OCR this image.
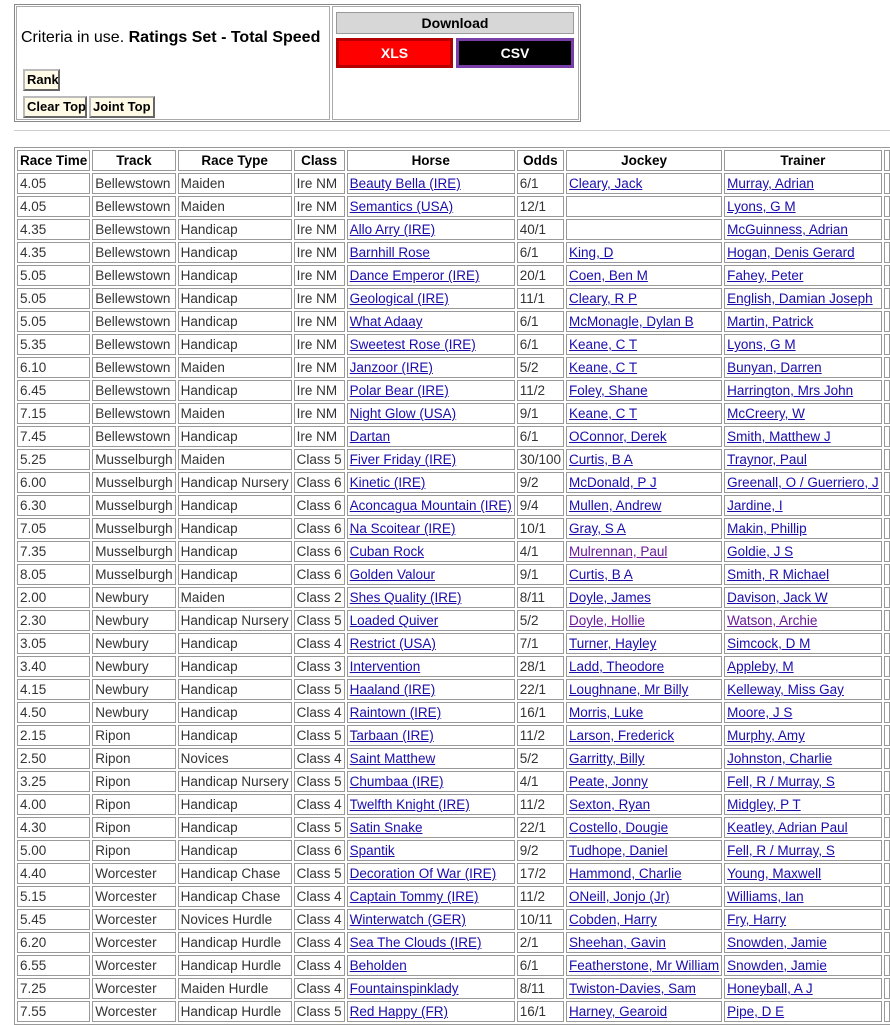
Criteria in use. Ratings Set - Total Speed
Rank
Clear Top Joint Top
Download
XLS	CSV
Race Time	Track	Race Type	Class	Horse	Odds	Jockey	Trainer	
4.05	Bellewstown	Maiden	Ire NM	Beauty Bella (IRE)	6/1	Cleary, Jack	Murray, Adrian	
4.05	Bellewstown	Maiden	Ire NM	Semantics (USA)	12/1		Lyons, G M	
4.35	Bellewstown	Handicap	Ire NM	Allo Arry (IRE)	40/1		McGuinness, Adrian	
4.35	Bellewstown	Handicap	Ire NM	Barnhill Rose	6/1	King, D	Hogan, Denis Gerard	
5.05	Bellewstown	Handicap	Ire NM	Dance Emperor (IRE)	20/1	Coen, Ben M	Fahey, Peter	
5.05	Bellewstown	Handicap	Ire NM	Geological (IRE)	11/1	Cleary, R P	English, Damian Joseph	
5.05	Bellewstown	Handicap	Ire NM	What Adaay	6/1	McMonagle, Dylan B	Martin, Patrick	
5.35	Bellewstown	Handicap	Ire NM	Sweetest Rose (IRE)	6/1	Keane, C T	Lyons, G M	
6.10	Bellewstown	Maiden	Ire NM	Janzoor (IRE)	5/2	Keane, C T	Bunyan, Darren	
6.45	Bellewstown	Handicap	Ire NM	Polar Bear (IRE)	11/2	Foley, Shane	Harrington, Mrs John	
7.15	Bellewstown	Maiden	Ire NM	Night Glow (USA)	9/1	Keane, C T	McCreery, W	
7.45	Bellewstown	Handicap	Ire NM	Dartan	6/1	OConnor, Derek	Smith, Matthew J	
5.25	Musselburgh	Maiden	Class 5	Fiver Friday (IRE)	30/100	Curtis, B A	Traynor, Paul	
6.00	Musselburgh	Handicap Nursery	Class 6	Kinetic (IRE)	9/2	McDonald, P J	Greenall, O / Guerriero, J	
6.30	Musselburgh	Handicap	Class 6	Aconcagua Mountain (IRE)	9/4	Mullen, Andrew	Jardine, I	
7.05	Musselburgh	Handicap	Class 6	Na Scoitear (IRE)	10/1	Gray, S A	Makin, Phillip	
7.35	Musselburgh	Handicap	Class 6	Cuban Rock	4/1	Mulrennan, Paul	Goldie, J S	
8.05	Musselburgh	Handicap	Class 6	Golden Valour	9/1	Curtis, B A	Smith, R Michael	
2.00	Newbury	Maiden	Class 2	Shes Quality (IRE)	8/11	Doyle, James	Davison, Jack W	
2.30	Newbury	Handicap Nursery	Class 5	Loaded Quiver	5/2	Doyle, Hollie	Watson, Archie	
3.05	Newbury	Handicap	Class 4	Restrict (USA)	7/1	Turner, Hayley	Simcock, D M	
3.40	Newbury	Handicap	Class 3	Intervention	28/1	Ladd, Theodore	Appleby, M	
4.15	Newbury	Handicap	Class 5	Haaland (IRE)	22/1	Loughnane, Mr Billy	Kelleway, Miss Gay	
4.50	Newbury	Handicap	Class 4	Raintown (IRE)	16/1	Morris, Luke	Moore, J S	
2.15	Ripon	Handicap	Class 5	Tarbaan (IRE)	11/2	Larson, Frederick	Murphy, Amy	
2.50	Ripon	Novices	Class 4	Saint Matthew	5/2	Garritty, Billy	Johnston, Charlie	
3.25	Ripon	Handicap Nursery	Class 5	Chumbaa (IRE)	4/1	Peate, Jonny	Fell, R / Murray, S	
4.00	Ripon	Handicap	Class 4	Twelfth Knight (IRE)	11/2	Sexton, Ryan	Midgley, P T	
4.30	Ripon	Handicap	Class 5	Satin Snake	22/1	Costello, Dougie	Keatley, Adrian Paul	
5.00	Ripon	Handicap	Class 6	Spantik	9/2	Tudhope, Daniel	Fell, R / Murray, S	
4.40	Worcester	Handicap Chase	Class 5	Decoration Of War (IRE)	17/2	Hammond, Charlie	Young, Maxwell	
5.15	Worcester	Handicap Chase	Class 4	Captain Tommy (IRE)	11/2	ONeill, Jonjo (Jr)	Williams, Ian	
5.45	Worcester	Novices Hurdle	Class 4	Winterwatch (GER)	10/11	Cobden, Harry	Fry, Harry	
6.20	Worcester	Handicap Hurdle	Class 4	Sea The Clouds (IRE)	2/1	Sheehan, Gavin	Snowden, Jamie	
6.55	Worcester	Handicap Hurdle	Class 4	Beholden	6/1	Featherstone, Mr William	Snowden, Jamie	
7.25	Worcester	Maiden Hurdle	Class 4	Fountainspinklady	8/11	Twiston-Davies, Sam	Honeyball, A J	
7.55	Worcester	Handicap Hurdle	Class 5	Red Happy (FR)	16/1	Harney, Gearoid	Pipe, D E	
